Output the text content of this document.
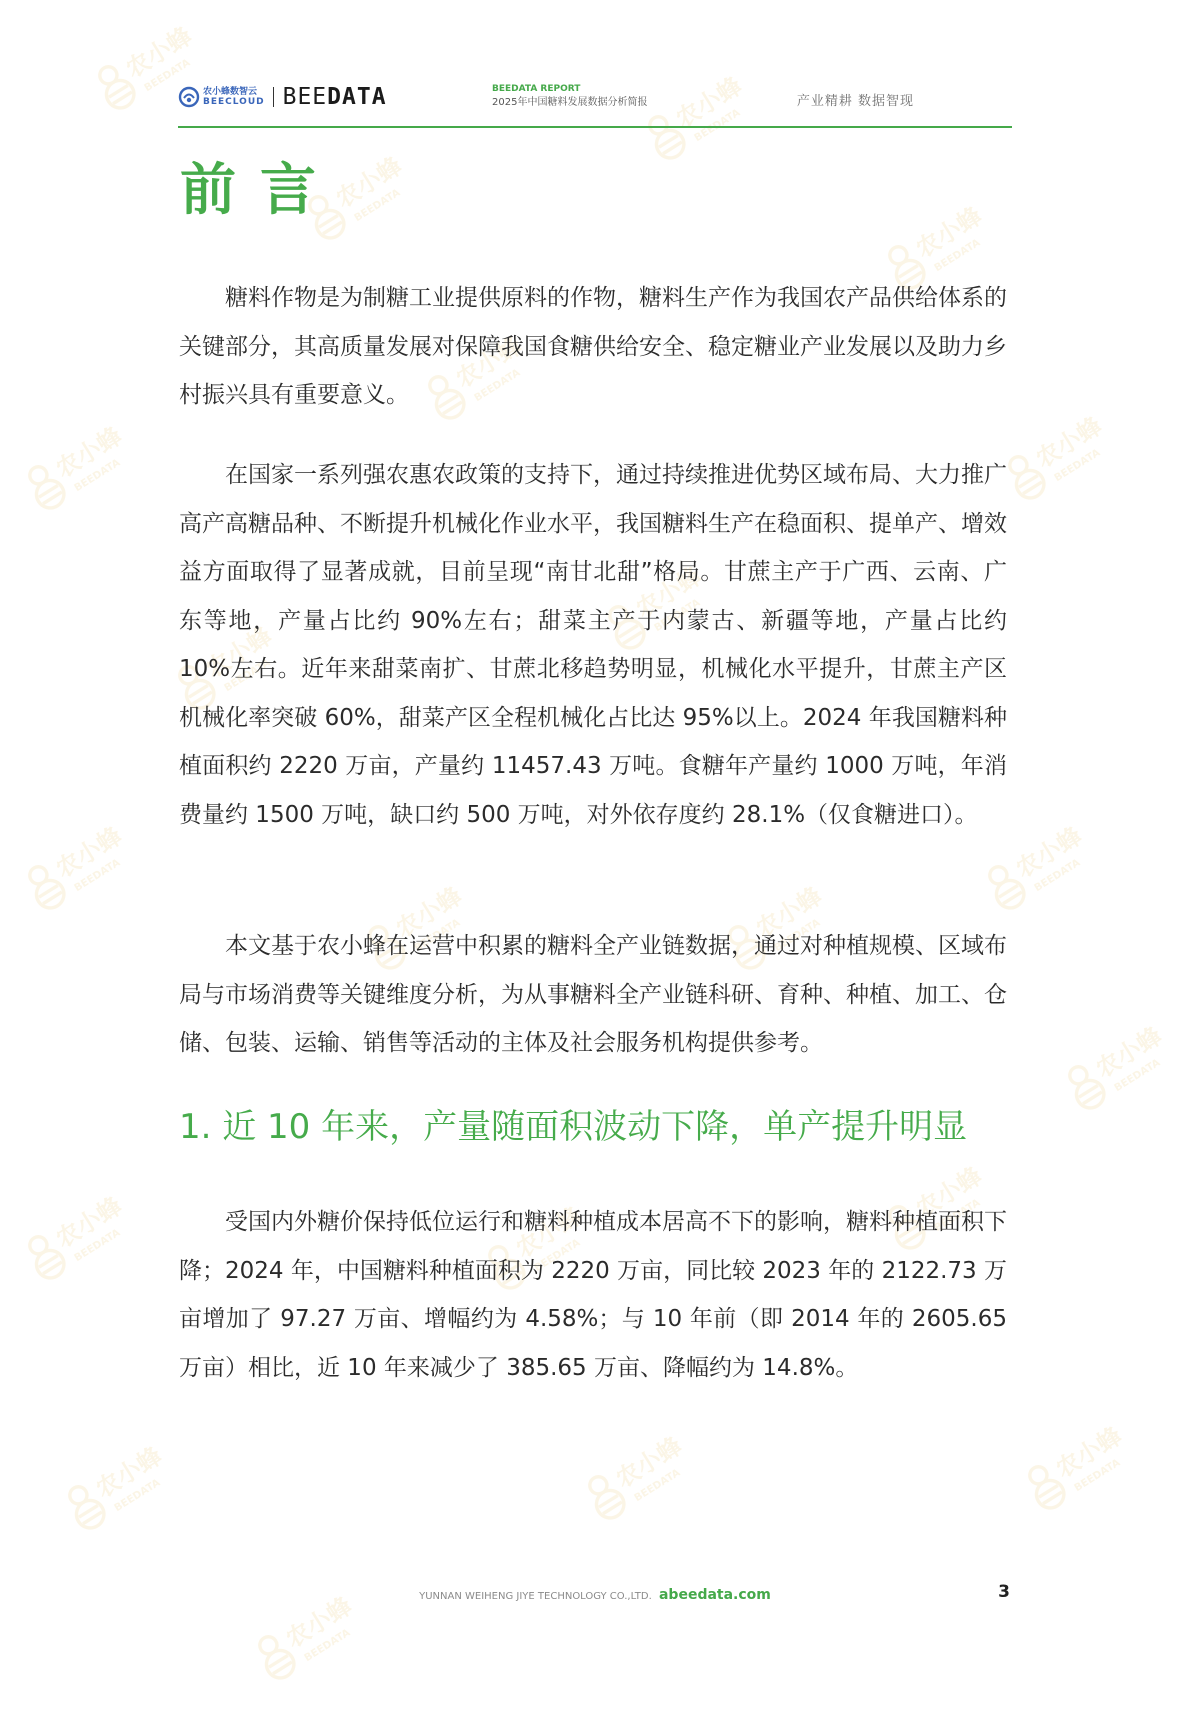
农小蜂数智云
BEECLOUD BEEDATA	BEEDATA REPORT
2025年中国糖料发展数据分析简报	产业精耕 数据智现
前言

糖料作物是为制糖工业提供原料的作物，糖料生产作为我国农产品供给体系的关键部分，其高质量发展对保障我国食糖供给安全、稳定糖业产业发展以及助力乡村振兴具有重要意义。

在国家一系列强农惠农政策的支持下，通过持续推进优势区域布局、大力推广高产高糖品种、不断提升机械化作业水平，我国糖料生产在稳面积、提单产、增效益方面取得了显著成就，目前呈现“南甘北甜”格局。甘蔗主产于广西、云南、广东等地，产量占比约 90%左右；甜菜主产于内蒙古、新疆等地，产量占比约 10%左右。近年来甜菜南扩、甘蔗北移趋势明显，机械化水平提升，甘蔗主产区机械化率突破 60%，甜菜产区全程机械化占比达 95%以上。2024 年我国糖料种植面积约 2220 万亩，产量约 11457.43 万吨。食糖年产量约 1000 万吨，年消费量约 1500 万吨，缺口约 500 万吨，对外依存度约 28.1%（仅食糖进口）。

本文基于农小蜂在运营中积累的糖料全产业链数据，通过对种植规模、区域布局与市场消费等关键维度分析，为从事糖料全产业链科研、育种、种植、加工、仓储、包装、运输、销售等活动的主体及社会服务机构提供参考。

1. 近 10 年来，产量随面积波动下降，单产提升明显

受国内外糖价保持低位运行和糖料种植成本居高不下的影响，糖料种植面积下降；2024 年，中国糖料种植面积为 2220 万亩，同比较 2023 年的 2122.73 万亩增加了 97.27 万亩、增幅约为 4.58%；与 10 年前（即 2014 年的 2605.65 万亩）相比，近 10 年来减少了 385.65 万亩、降幅约为 14.8%。

YUNNAN WEIHENG JIYE TECHNOLOGY CO.,LTD. abeedata.com	3
